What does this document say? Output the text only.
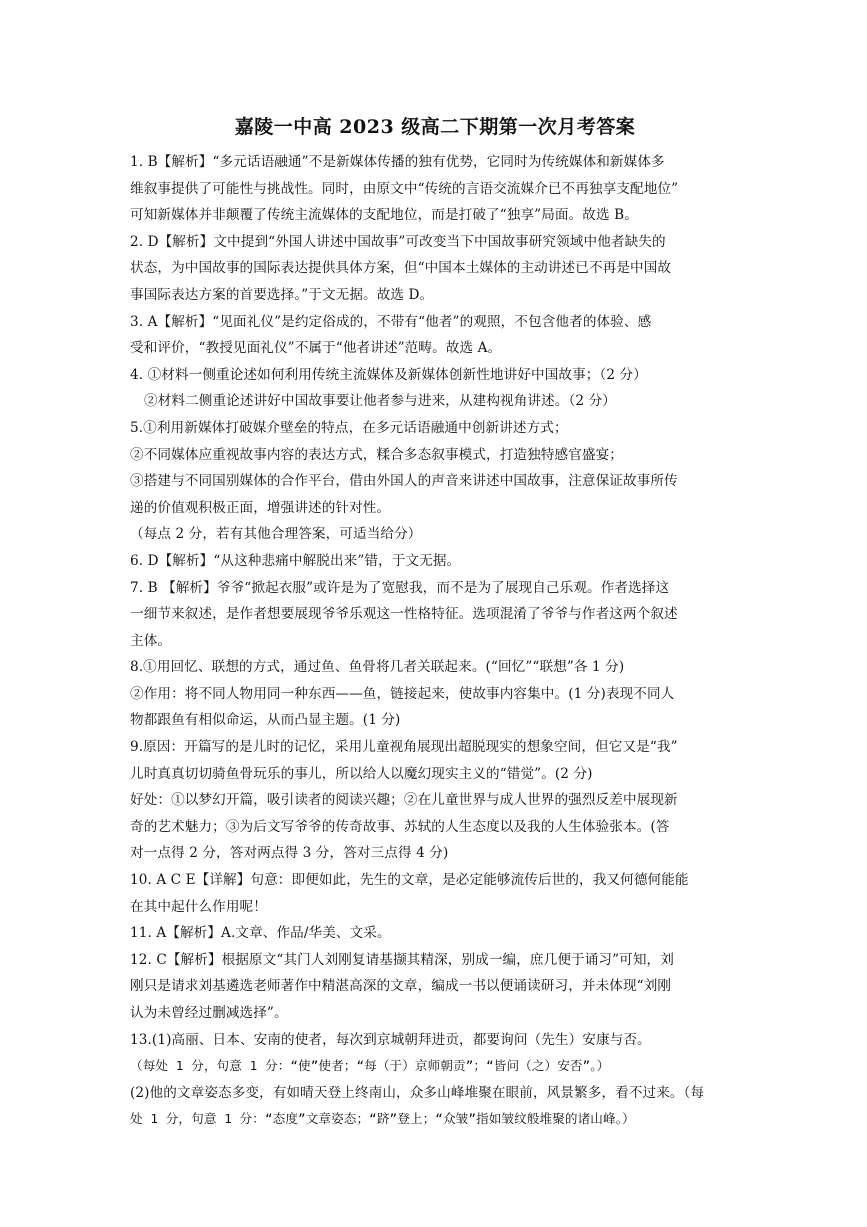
嘉陵一中高 2023 级高二下期第一次月考答案
1. B【解析】“多元话语融通”不是新媒体传播的独有优势，它同时为传统媒体和新媒体多
维叙事提供了可能性与挑战性。同时，由原文中“传统的言语交流媒介已不再独享支配地位”
可知新媒体并非颠覆了传统主流媒体的支配地位，而是打破了“独享”局面。故选 B。
2. D【解析】文中提到“外国人讲述中国故事”可改变当下中国故事研究领域中他者缺失的
状态，为中国故事的国际表达提供具体方案，但“中国本土媒体的主动讲述已不再是中国故
事国际表达方案的首要选择。”于文无据。故选 D。
3. A【解析】“见面礼仪”是约定俗成的，不带有“他者”的观照，不包含他者的体验、感
受和评价，“教授见面礼仪”不属于“他者讲述”范畴。故选 A。
4. ①材料一侧重论述如何利用传统主流媒体及新媒体创新性地讲好中国故事；（2 分）
②材料二侧重论述讲好中国故事要让他者参与进来，从建构视角讲述。（2 分）
5.①利用新媒体打破媒介壁垒的特点，在多元话语融通中创新讲述方式；
②不同媒体应重视故事内容的表达方式，糅合多态叙事模式，打造独特感官盛宴；
③搭建与不同国别媒体的合作平台，借由外国人的声音来讲述中国故事，注意保证故事所传
递的价值观积极正面，增强讲述的针对性。
（每点 2 分，若有其他合理答案，可适当给分）
6. D【解析】“从这种悲痛中解脱出来”错，于文无据。
7. B 【解析】爷爷“掀起衣服”或许是为了宽慰我，而不是为了展现自己乐观。作者选择这
一细节来叙述，是作者想要展现爷爷乐观这一性格特征。选项混淆了爷爷与作者这两个叙述
主体。
8.①用回忆、联想的方式，通过鱼、鱼骨将几者关联起来。(“回忆”“联想”各 1 分)
②作用：将不同人物用同一种东西——鱼，链接起来，使故事内容集中。(1 分)表现不同人
物都跟鱼有相似命运，从而凸显主题。(1 分)
9.原因：开篇写的是儿时的记忆，采用儿童视角展现出超脱现实的想象空间，但它又是“我”
儿时真真切切骑鱼骨玩乐的事儿，所以给人以魔幻现实主义的“错觉”。(2 分)
好处：①以梦幻开篇，吸引读者的阅读兴趣；②在儿童世界与成人世界的强烈反差中展现新
奇的艺术魅力；③为后文写爷爷的传奇故事、苏轼的人生态度以及我的人生体验张本。(答
对一点得 2 分，答对两点得 3 分，答对三点得 4 分)
10. A C E【详解】句意：即便如此，先生的文章，是必定能够流传后世的，我又何德何能能
在其中起什么作用呢！
11. A【解析】A.文章、作品/华美、文采。
12. C【解析】根据原文“其门人刘刚复请基撷其精深，别成一编，庶几便于诵习”可知，刘
刚只是请求刘基遴选老师著作中精湛高深的文章，编成一书以便诵读研习，并未体现“刘刚
认为未曾经过删减选择”。
13.(1)高丽、日本、安南的使者，每次到京城朝拜进贡，都要询问（先生）安康与否。
（每处 1 分，句意 1 分：“使”使者；“每（于）京师朝贡”；“皆问（之）安否”。）
(2)他的文章姿态多变，有如晴天登上终南山，众多山峰堆聚在眼前，风景繁多，看不过来。（每
处 1 分，句意 1 分：“态度”文章姿态；“跻”登上；“众皱”指如皱纹般堆聚的诸山峰。）
